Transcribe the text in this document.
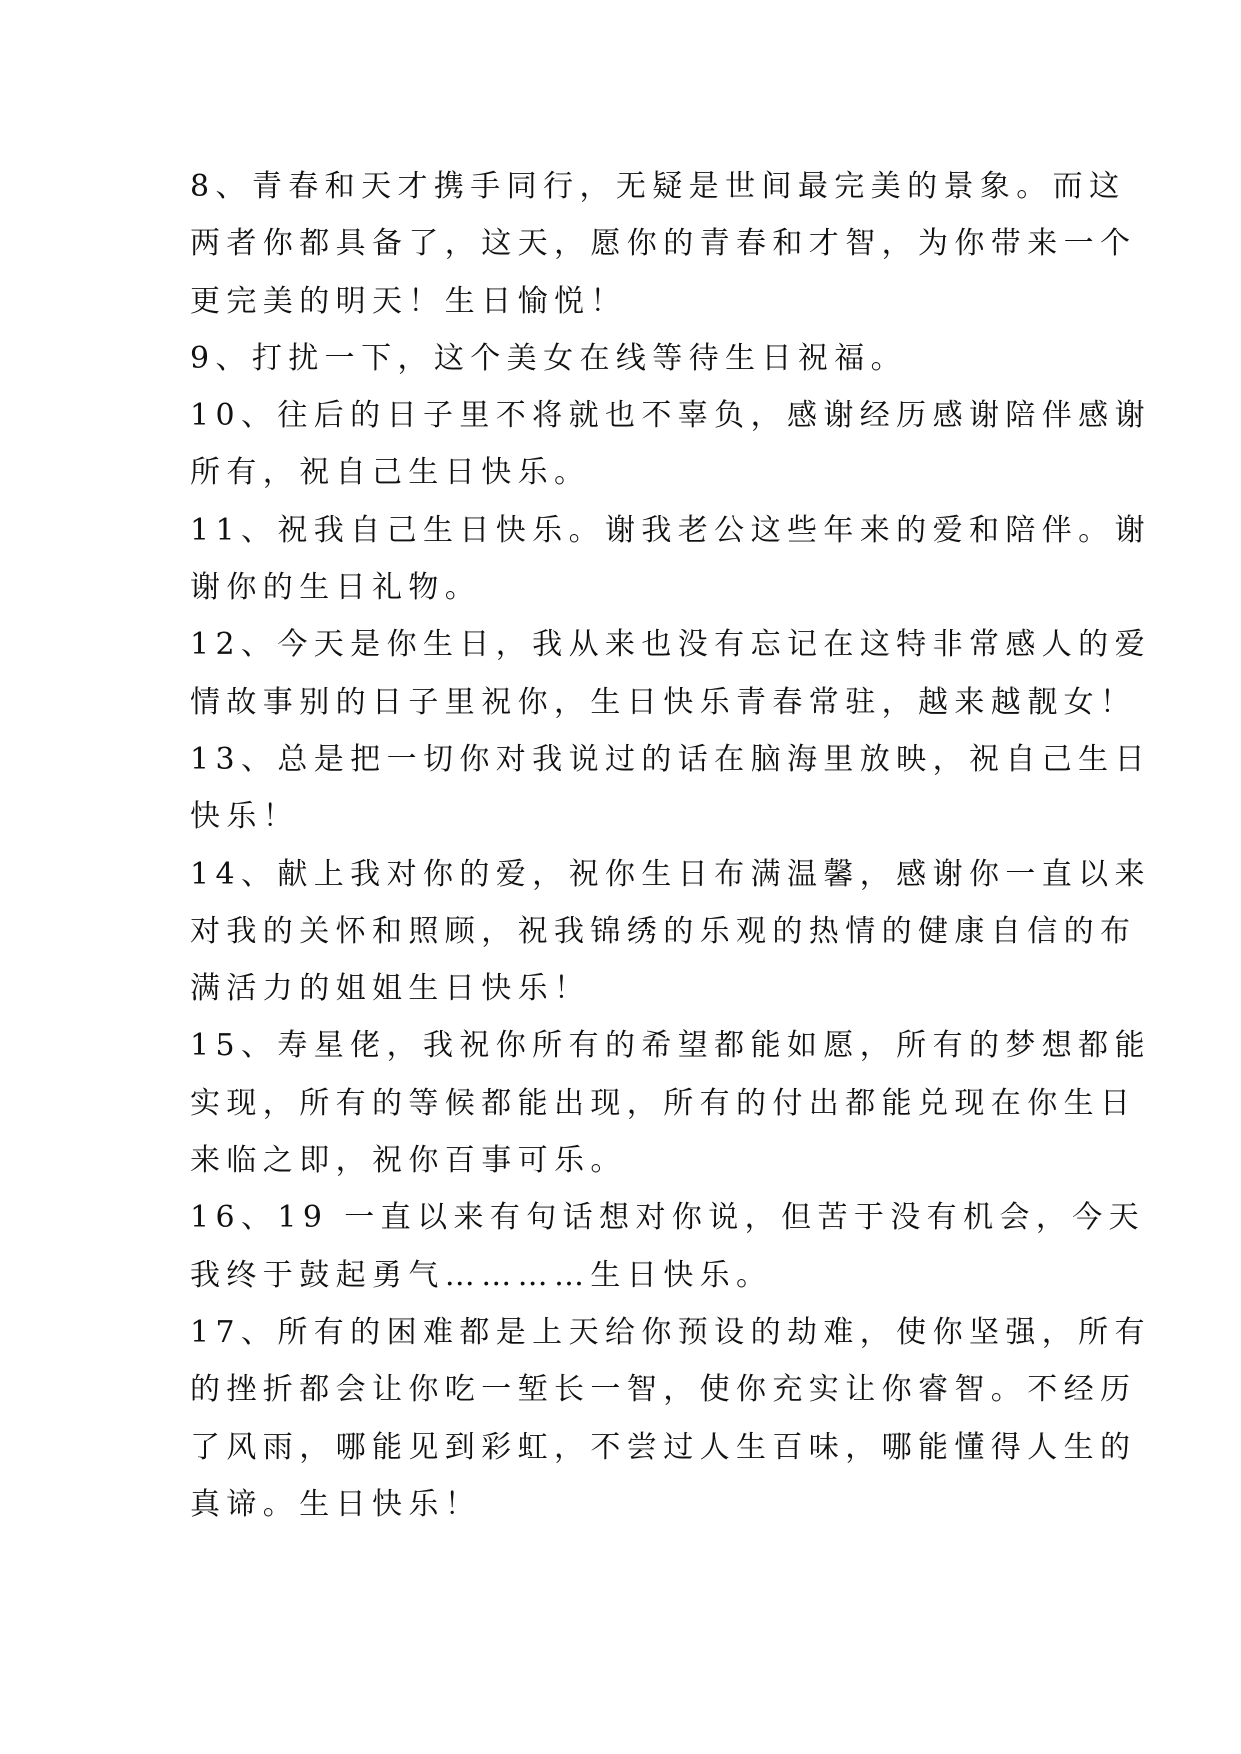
8、青春和天才携手同行，无疑是世间最完美的景象。而这
两者你都具备了，这天，愿你的青春和才智，为你带来一个
更完美的明天！生日愉悦！

9、打扰一下，这个美女在线等待生日祝福。

10、往后的日子里不将就也不辜负，感谢经历感谢陪伴感谢
所有，祝自己生日快乐。

11、祝我自己生日快乐。谢我老公这些年来的爱和陪伴。谢
谢你的生日礼物。

12、今天是你生日，我从来也没有忘记在这特非常感人的爱
情故事别的日子里祝你，生日快乐青春常驻，越来越靓女！

13、总是把一切你对我说过的话在脑海里放映，祝自己生日
快乐！

14、献上我对你的爱，祝你生日布满温馨，感谢你一直以来
对我的关怀和照顾，祝我锦绣的乐观的热情的健康自信的布
满活力的姐姐生日快乐！

15、寿星佬，我祝你所有的希望都能如愿，所有的梦想都能
实现，所有的等候都能出现，所有的付出都能兑现在你生日
来临之即，祝你百事可乐。

16、19 一直以来有句话想对你说，但苦于没有机会，今天
我终于鼓起勇气…………生日快乐。

17、所有的困难都是上天给你预设的劫难，使你坚强，所有
的挫折都会让你吃一堑长一智，使你充实让你睿智。不经历
了风雨，哪能见到彩虹，不尝过人生百味，哪能懂得人生的
真谛。生日快乐！
